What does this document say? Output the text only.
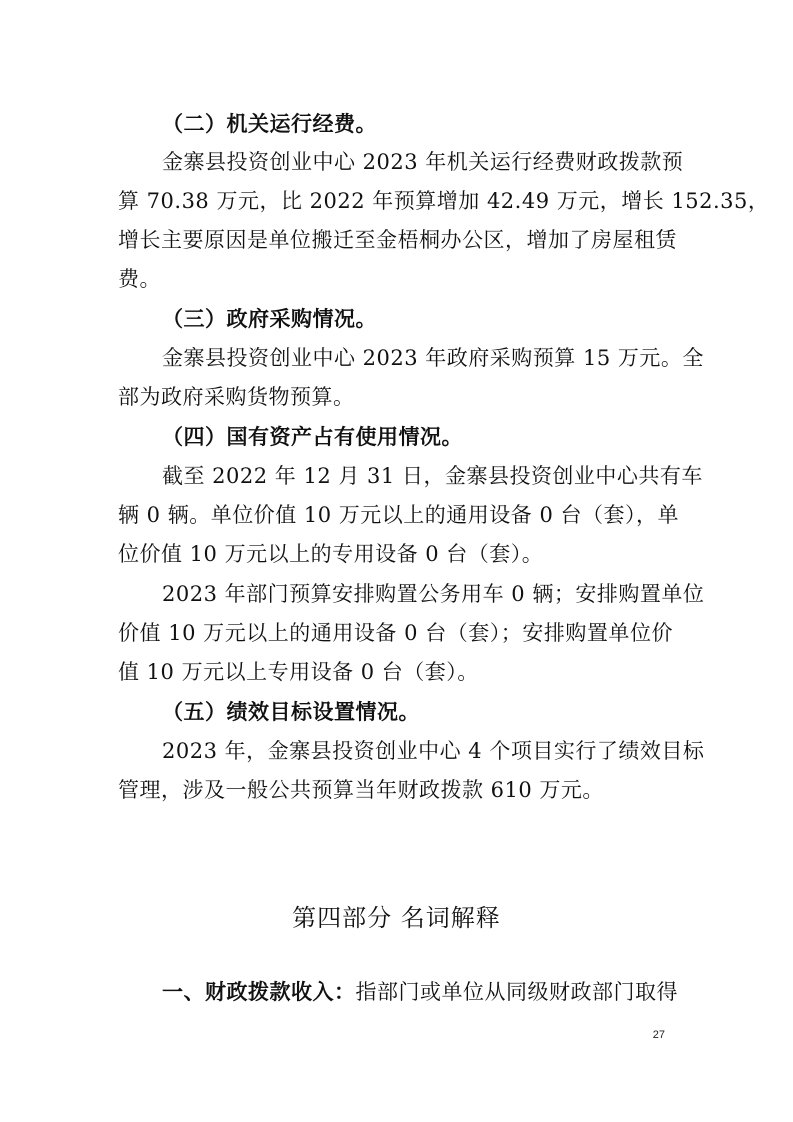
（二）机关运行经费。
金寨县投资创业中心 2023 年机关运行经费财政拨款预
算 70.38 万元，比 2022 年预算增加 42.49 万元，增长 152.35，
增长主要原因是单位搬迁至金梧桐办公区，增加了房屋租赁
费。
（三）政府采购情况。
金寨县投资创业中心 2023 年政府采购预算 15 万元。全
部为政府采购货物预算。
（四）国有资产占有使用情况。
截至 2022 年 12 月 31 日，金寨县投资创业中心共有车
辆 0 辆。单位价值 10 万元以上的通用设备 0 台（套），单
位价值 10 万元以上的专用设备 0 台（套）。
2023 年部门预算安排购置公务用车 0 辆；安排购置单位
价值 10 万元以上的通用设备 0 台（套）；安排购置单位价
值 10 万元以上专用设备 0 台（套）。
（五）绩效目标设置情况。
2023 年，金寨县投资创业中心 4 个项目实行了绩效目标
管理，涉及一般公共预算当年财政拨款 610 万元。
第四部分 名词解释
一、财政拨款收入：指部门或单位从同级财政部门取得
27
